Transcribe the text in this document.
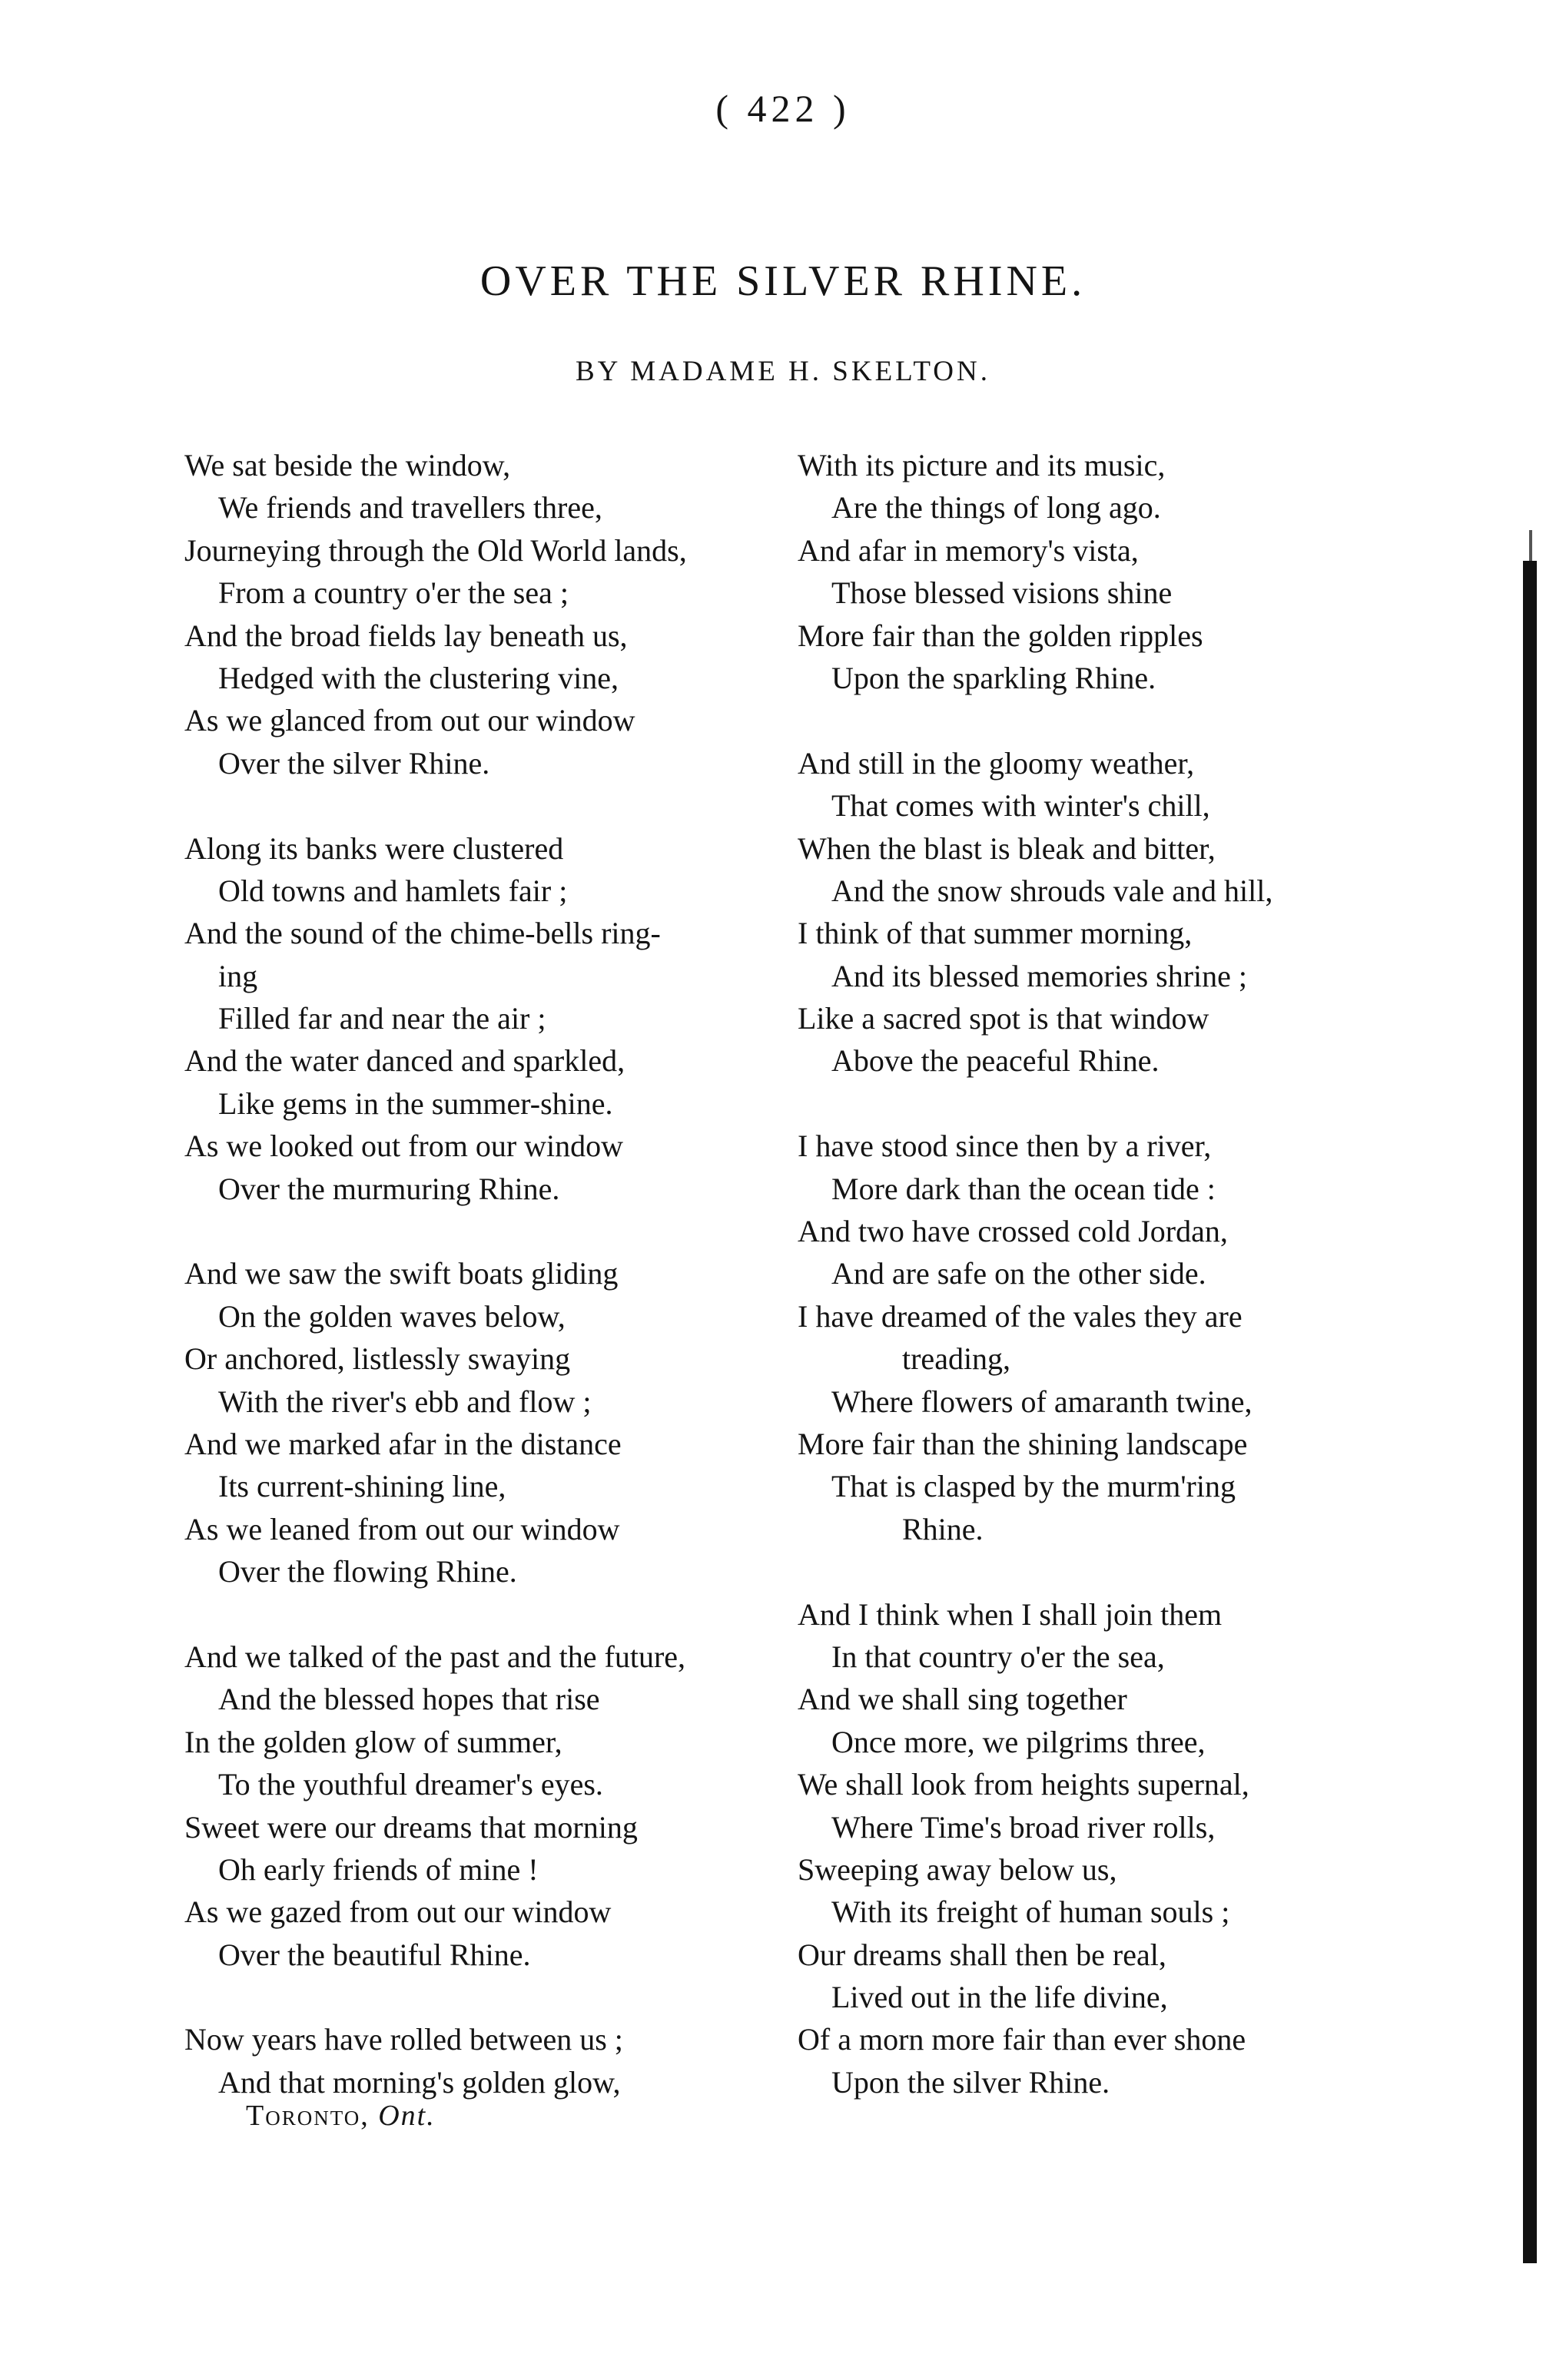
( 422 )
OVER THE SILVER RHINE.
BY MADAME H. SKELTON.
We sat beside the window,
We friends and travellers three,
Journeying through the Old World lands,
From a country o'er the sea ;
And the broad fields lay beneath us,
Hedged with the clustering vine,
As we glanced from out our window
Over the silver Rhine.
Along its banks were clustered
Old towns and hamlets fair ;
And the sound of the chime-bells ring-
ing
Filled far and near the air ;
And the water danced and sparkled,
Like gems in the summer-shine.
As we looked out from our window
Over the murmuring Rhine.
And we saw the swift boats gliding
On the golden waves below,
Or anchored, listlessly swaying
With the river's ebb and flow ;
And we marked afar in the distance
Its current-shining line,
As we leaned from out our window
Over the flowing Rhine.
And we talked of the past and the future,
And the blessed hopes that rise
In the golden glow of summer,
To the youthful dreamer's eyes.
Sweet were our dreams that morning
Oh early friends of mine !
As we gazed from out our window
Over the beautiful Rhine.
Now years have rolled between us ;
And that morning's golden glow,
With its picture and its music,
Are the things of long ago.
And afar in memory's vista,
Those blessed visions shine
More fair than the golden ripples
Upon the sparkling Rhine.
And still in the gloomy weather,
That comes with winter's chill,
When the blast is bleak and bitter,
And the snow shrouds vale and hill,
I think of that summer morning,
And its blessed memories shrine ;
Like a sacred spot is that window
Above the peaceful Rhine.
I have stood since then by a river,
More dark than the ocean tide :
And two have crossed cold Jordan,
And are safe on the other side.
I have dreamed of the vales they are
treading,
Where flowers of amaranth twine,
More fair than the shining landscape
That is clasped by the murm'ring
Rhine.
And I think when I shall join them
In that country o'er the sea,
And we shall sing together
Once more, we pilgrims three,
We shall look from heights supernal,
Where Time's broad river rolls,
Sweeping away below us,
With its freight of human souls ;
Our dreams shall then be real,
Lived out in the life divine,
Of a morn more fair than ever shone
Upon the silver Rhine.
Toronto, Ont.
